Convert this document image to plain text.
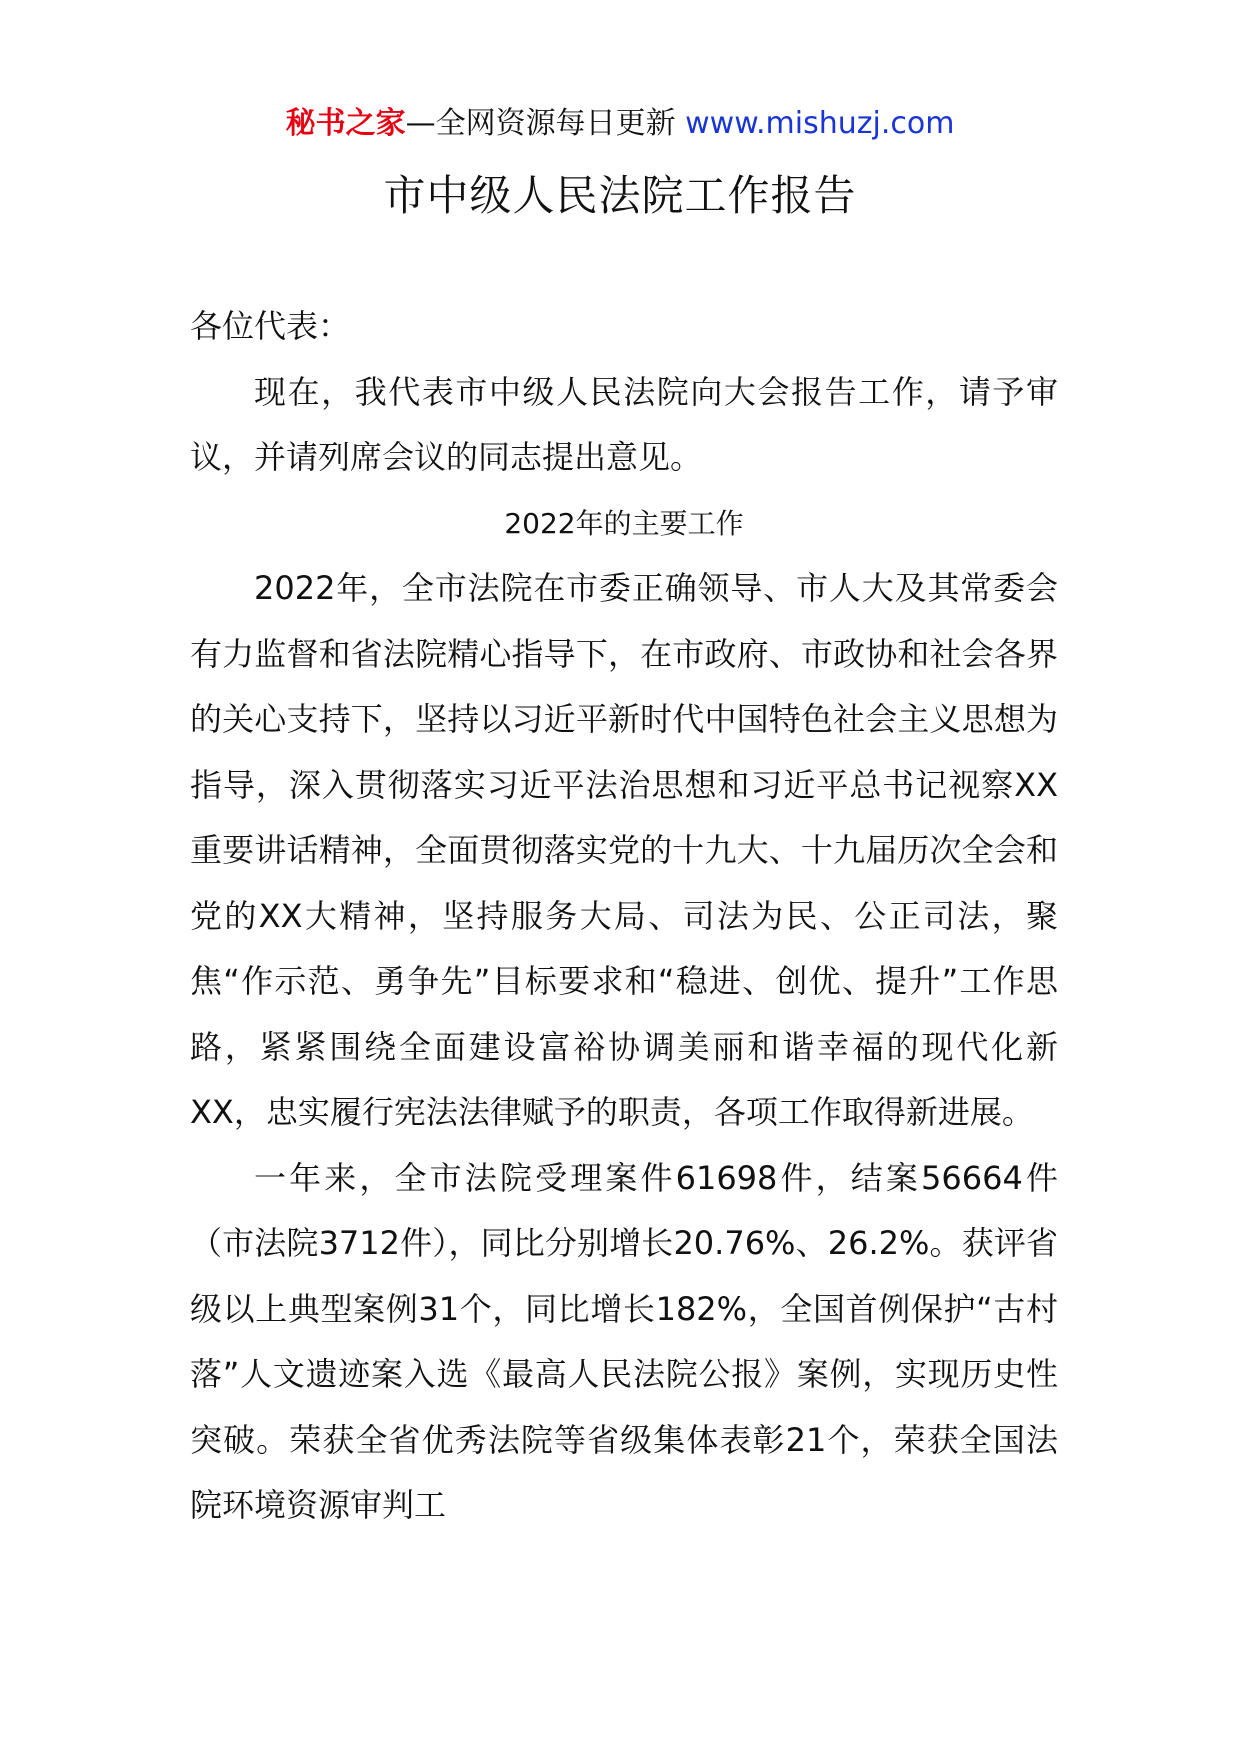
秘书之家—全网资源每日更新 www.mishuzj.com
市中级人民法院工作报告

各位代表：

现在，我代表市中级人民法院向大会报告工作，请予审议，并请列席会议的同志提出意见。

2022年的主要工作

2022年，全市法院在市委正确领导、市人大及其常委会有力监督和省法院精心指导下，在市政府、市政协和社会各界的关心支持下，坚持以习近平新时代中国特色社会主义思想为指导，深入贯彻落实习近平法治思想和习近平总书记视察XX重要讲话精神，全面贯彻落实党的十九大、十九届历次全会和党的XX大精神，坚持服务大局、司法为民、公正司法，聚焦“作示范、勇争先”目标要求和“稳进、创优、提升”工作思路，紧紧围绕全面建设富裕协调美丽和谐幸福的现代化新XX，忠实履行宪法法律赋予的职责，各项工作取得新进展。

一年来，全市法院受理案件61698件，结案56664件（市法院3712件），同比分别增长20.76%、26.2%。获评省级以上典型案例31个，同比增长182%，全国首例保护“古村落”人文遗迹案入选《最高人民法院公报》案例，实现历史性突破。荣获全省优秀法院等省级集体表彰21个，荣获全国法院环境资源审判工
